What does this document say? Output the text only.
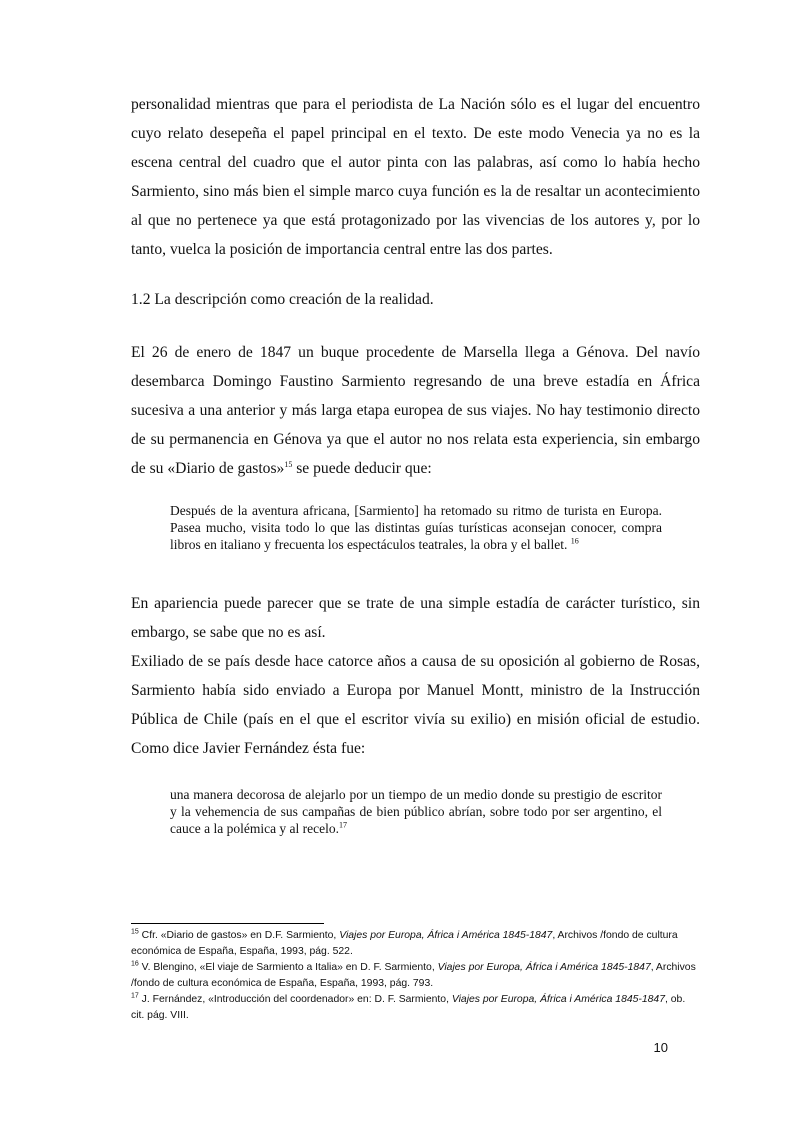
personalidad mientras que para el periodista de La Nación sólo es el lugar del encuentro cuyo relato desepeña el papel principal en el texto. De este modo Venecia ya no es la escena central del cuadro que el autor pinta con las palabras, así como lo había hecho Sarmiento, sino más bien el simple marco cuya función es la de resaltar un acontecimiento al que no pertenece ya que está protagonizado por las vivencias de los autores y, por lo tanto, vuelca la posición de importancia central entre las dos partes.

1.2 La descripción como creación de la realidad.

El 26 de enero de 1847 un buque procedente de Marsella llega a Génova. Del navío desembarca Domingo Faustino Sarmiento regresando de una breve estadía en África sucesiva a una anterior y más larga etapa europea de sus viajes. No hay testimonio directo de su permanencia en Génova ya que el autor no nos relata esta experiencia, sin embargo de su «Diario de gastos»$^{15}$ se puede deducir que:

Después de la aventura africana, [Sarmiento] ha retomado su ritmo de turista en Europa. Pasea mucho, visita todo lo que las distintas guías turísticas aconsejan conocer, compra libros en italiano y frecuenta los espectáculos teatrales, la obra y el ballet. $^{16}$

En apariencia puede parecer que se trate de una simple estadía de carácter turístico, sin embargo, se sabe que no es así.

Exiliado de se país desde hace catorce años a causa de su oposición al gobierno de Rosas, Sarmiento había sido enviado a Europa por Manuel Montt, ministro de la Instrucción Pública de Chile (país en el que el escritor vivía su exilio) en misión oficial de estudio. Como dice Javier Fernández ésta fue:

una manera decorosa de alejarlo por un tiempo de un medio donde su prestigio de escritor y la vehemencia de sus campañas de bien público abrían, sobre todo por ser argentino, el cauce a la polémica y al recelo.$^{17}$

$^{15}$ Cfr. «Diario de gastos» en D.F. Sarmiento, Viajes por Europa, África i América 1845-1847, Archivos /fondo de cultura económica de España, España, 1993, pág. 522.

$^{16}$ V. Blengino, «El viaje de Sarmiento a Italia» en D. F. Sarmiento, Viajes por Europa, África i América 1845-1847, Archivos /fondo de cultura económica de España, España, 1993, pág. 793.

$^{17}$ J. Fernández, «Introducción del coordenador» en: D. F. Sarmiento, Viajes por Europa, África i América 1845-1847, ob. cit. pág. VIII.

10
